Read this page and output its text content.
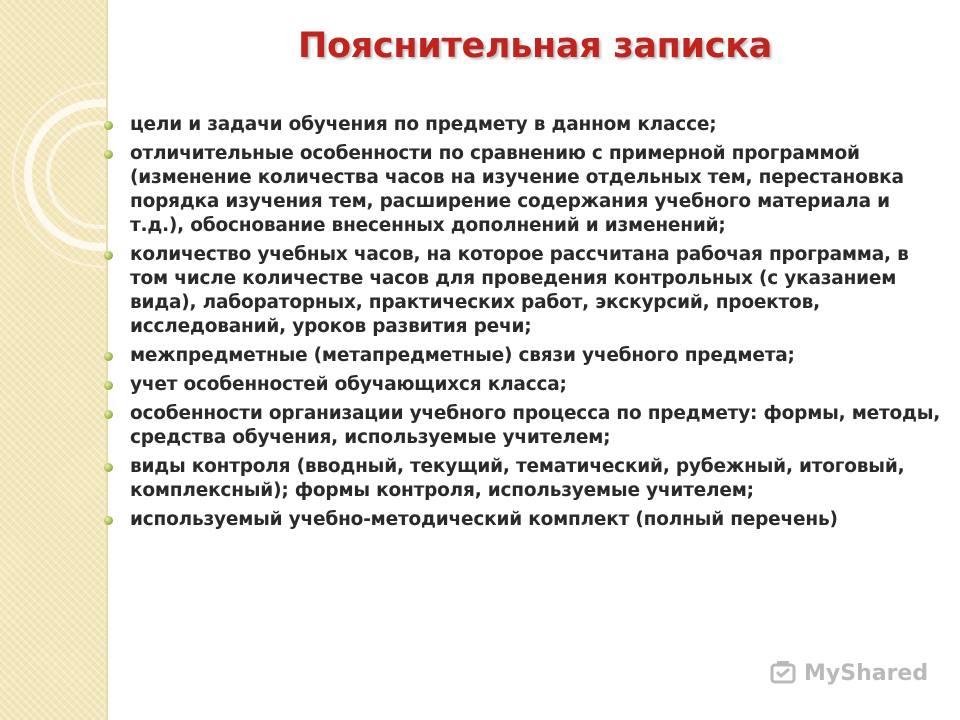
Пояснительная записка
цели и задачи обучения по предмету в данном классе;
отличительные особенности по сравнению с примерной программой (изменение количества часов на изучение отдельных тем, перестановка порядка изучения тем, расширение содержания учебного материала и т.д.), обоснование внесенных дополнений и изменений;
количество учебных часов, на которое рассчитана рабочая программа, в том числе количестве часов для проведения контрольных (с указанием вида), лабораторных, практических работ, экскурсий, проектов, исследований, уроков развития речи;
межпредметные (метапредметные) связи учебного предмета;
учет особенностей обучающихся класса;
особенности организации учебного процесса по предмету: формы, методы, средства обучения, используемые учителем;
виды контроля (вводный, текущий, тематический, рубежный, итоговый, комплексный); формы контроля, используемые учителем;
используемый учебно-методический комплект (полный перечень)
MyShared
